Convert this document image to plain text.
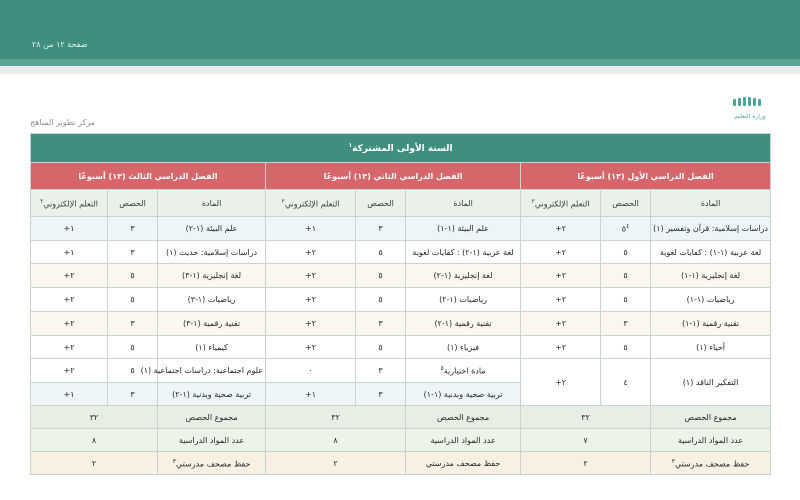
صفحة ١٢ من ٢٨
وزارة التعليم
مركز تطوير المناهج
السنة الأولى المشتركة$^١$
الفصل الدراسي الأول (١٣) أسبوعًا			الفصل الدراسي الثاني (١٣) أسبوعًا			الفصل الدراسي الثالث (١٣) أسبوعًا		
المادة	الحصص	التعلم الإلكتروني$^٢$	المادة	الحصص	التعلم الإلكتروني$^٢$	المادة	الحصص	التعلم الإلكتروني$^٢$
دراسات إسلامية: قرآن وتفسير (١)	$٥^٤$	٢+	علم البيئة (١-١)	٣	١+	علم البيئة (١-٢)	٣	١+
لغة عربية (١-١) : كفايات لغوية	٥	٢+	لغة عربية (١-٢) : كفايات لغوية	٥	٢+	دراسات إسلامية: حديث (١)	٣	١+
لغة إنجليزية (١-١)	٥	٢+	لغة إنجليزية (١-٢)	٥	٢+	لغة إنجليزية (١-٣)	٥	٢+
رياضيات (١-١)	٥	٢+	رياضيات (١-٢)	٥	٢+	رياضيات (١-٣)	٥	٢+
تقنية رقمية (١-١)	٣	٢+	تقنية رقمية (١-٢)	٣	٢+	تقنية رقمية (١-٣)	٣	٢+
أحياء (١)	٥	٢+	فيزياء (١)	٥	٢+	كيمياء (١)	٥	٢+
التفكير الناقد (١)	٤	٢+	مادة اختيارية$^٥$	٣	٠	علوم اجتماعية: دراسات اجتماعية (١)	٥	٢+
			تربية صحية وبدنية (١-١)	٣	١+	تربية صحية وبدنية (١-٢)	٣	١+
مجموع الحصص	٣٢		مجموع الحصص	٣٢		مجموع الحصص	٣٢	
عدد المواد الدراسية	٧		عدد المواد الدراسية	٨		عدد المواد الدراسية	٨	
حفظ مصحف مدرستي$^٣$	٢		حفظ مصحف مدرستي	٢		حفظ مصحف مدرستي$^٣$	٢	
